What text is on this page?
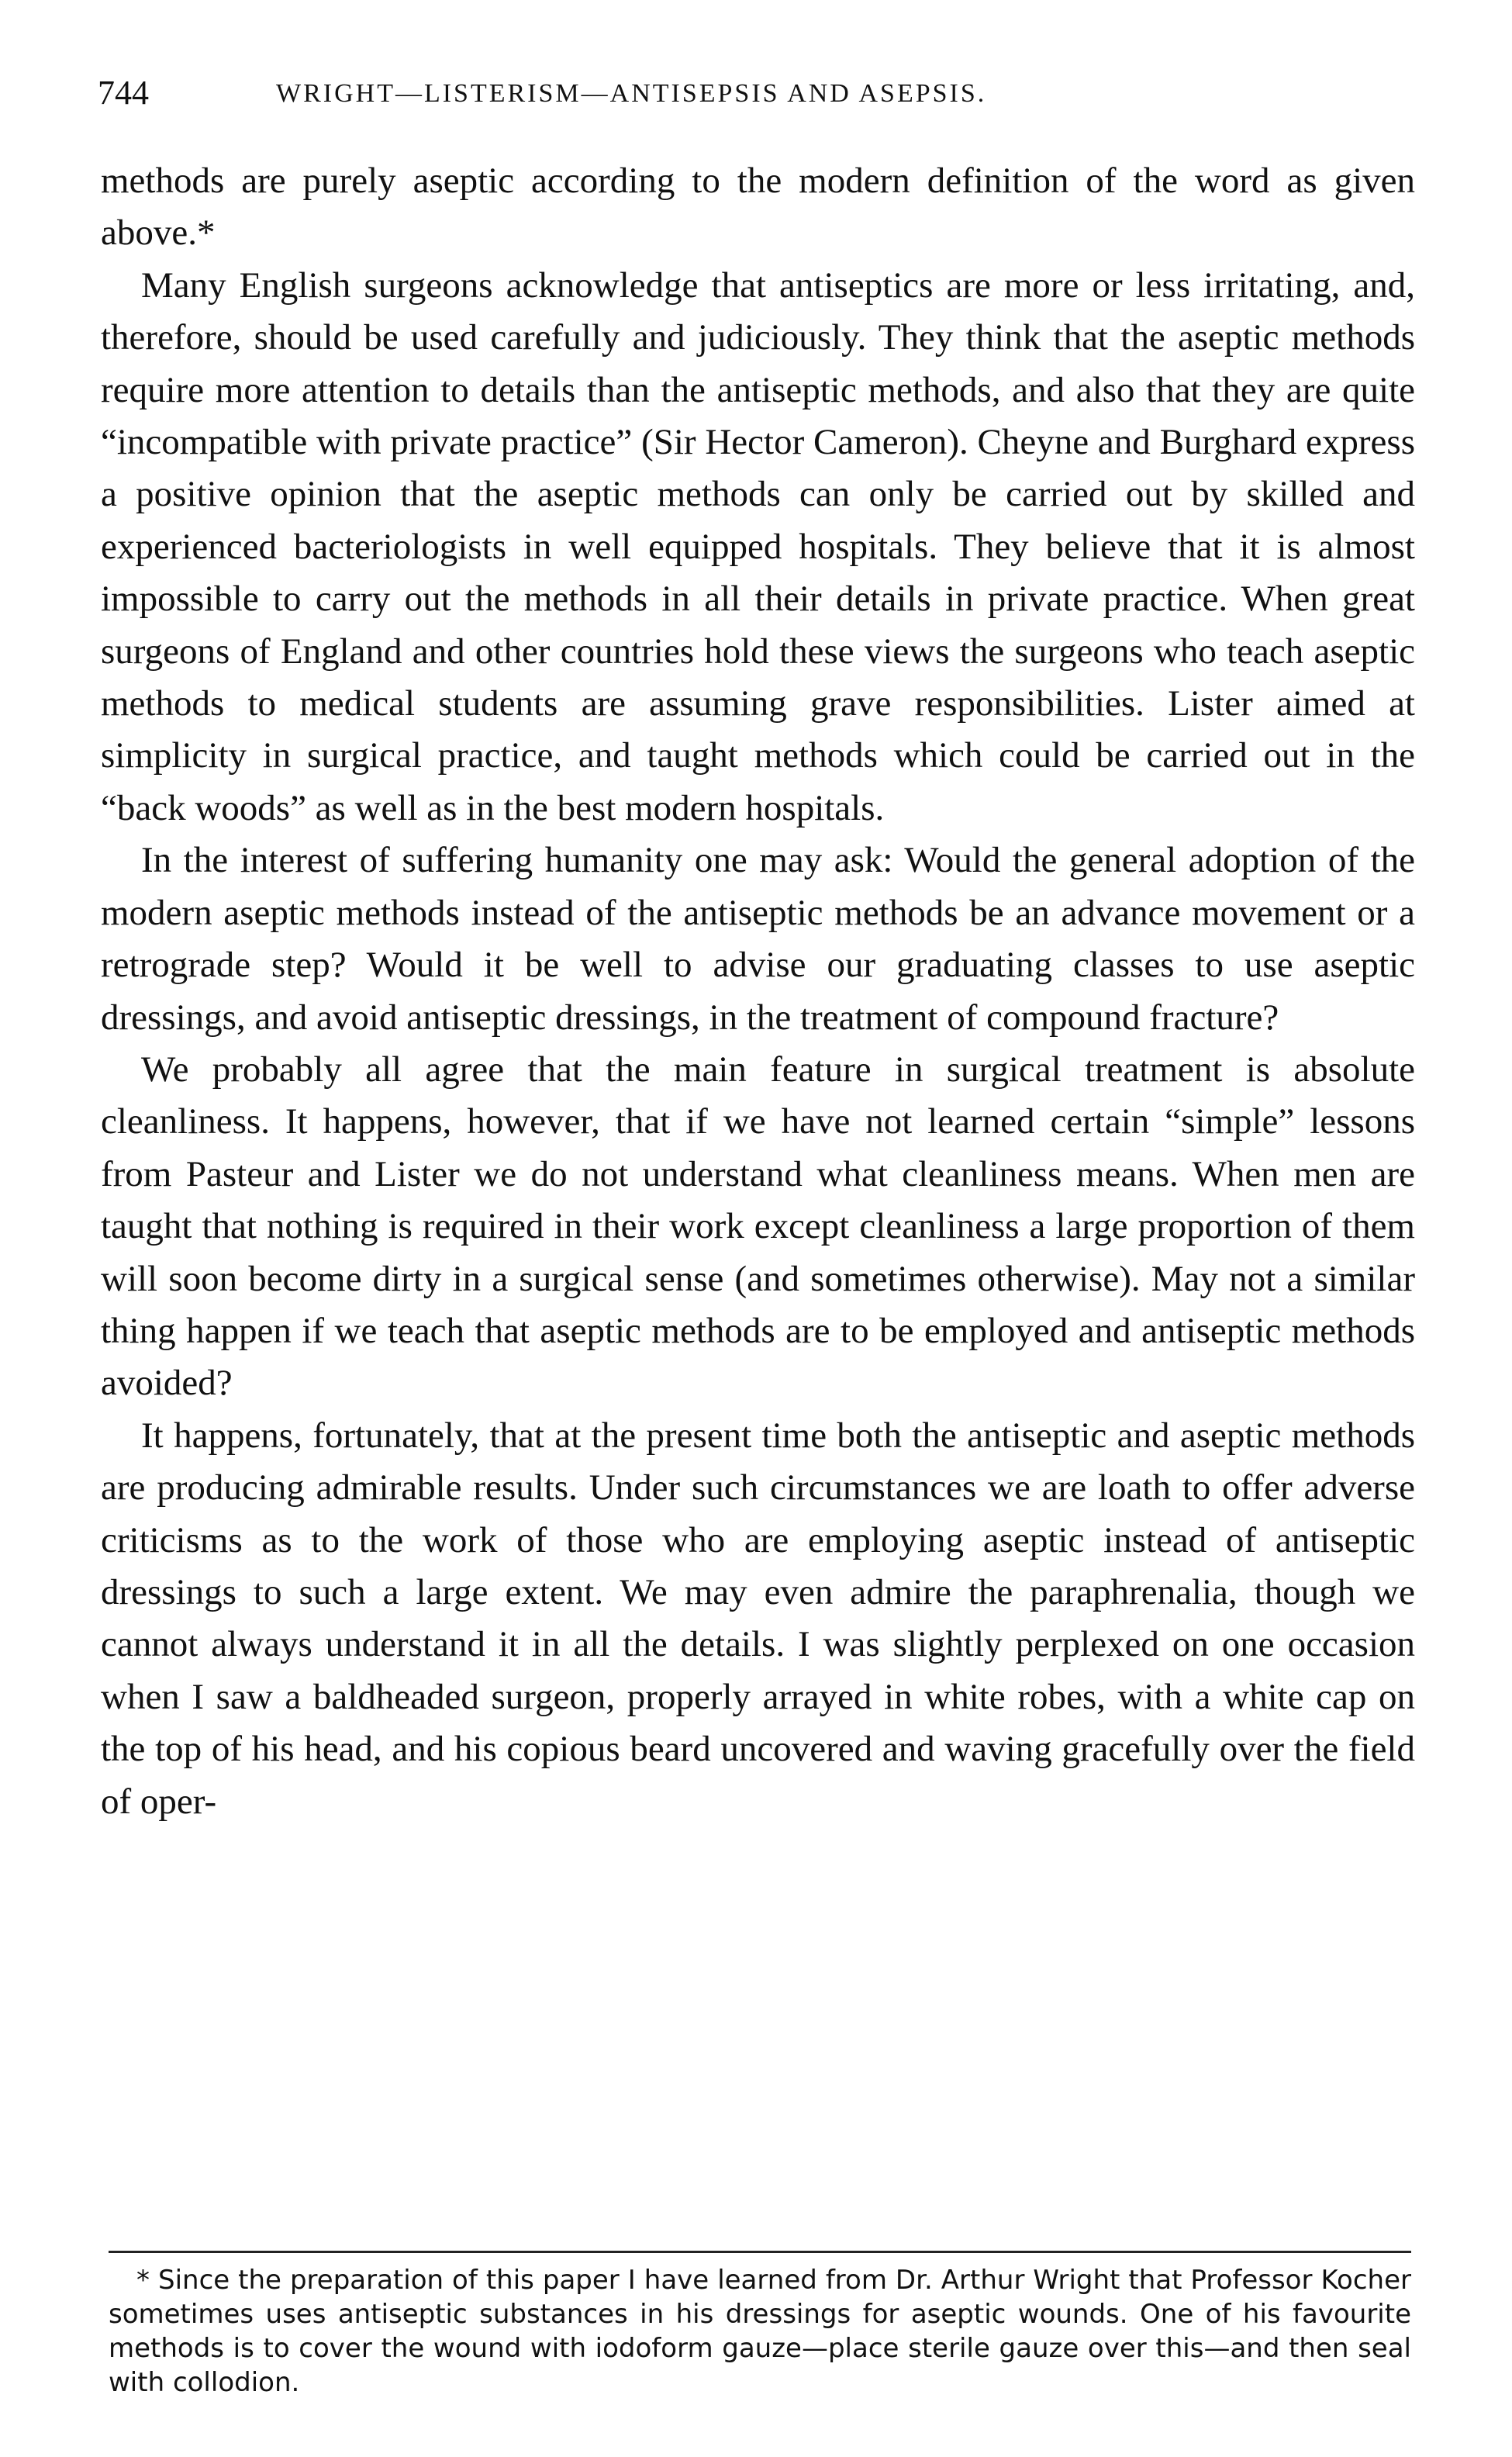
744	WRIGHT—LISTERISM—ANTISEPSIS AND ASEPSIS.

methods are purely aseptic according to the modern definition of the word as given above.*

Many English surgeons acknowledge that antiseptics are more or less irritating, and, therefore, should be used carefully and judiciously. They think that the aseptic methods require more attention to details than the antiseptic methods, and also that they are quite “incompatible with private practice” (Sir Hector Cameron). Cheyne and Burghard express a positive opinion that the aseptic methods can only be carried out by skilled and experienced bacteriologists in well equipped hospitals. They believe that it is almost impossible to carry out the methods in all their details in private practice. When great surgeons of England and other countries hold these views the surgeons who teach aseptic methods to medical students are assuming grave responsibilities. Lister aimed at simplicity in surgical practice, and taught methods which could be carried out in the “back woods” as well as in the best modern hospitals.

In the interest of suffering humanity one may ask: Would the general adoption of the modern aseptic methods instead of the antiseptic methods be an advance movement or a retrograde step? Would it be well to advise our graduating classes to use aseptic dressings, and avoid antiseptic dressings, in the treatment of compound fracture?

We probably all agree that the main feature in surgical treatment is absolute cleanliness. It happens, however, that if we have not learned certain “simple” lessons from Pasteur and Lister we do not understand what cleanliness means. When men are taught that nothing is required in their work except cleanliness a large proportion of them will soon become dirty in a surgical sense (and sometimes otherwise). May not a similar thing happen if we teach that aseptic methods are to be employed and antiseptic methods avoided?

It happens, fortunately, that at the present time both the antiseptic and aseptic methods are producing admirable results. Under such circumstances we are loath to offer adverse criticisms as to the work of those who are employing aseptic instead of antiseptic dressings to such a large extent. We may even admire the paraphrenalia, though we cannot always understand it in all the details. I was slightly perplexed on one occasion when I saw a baldheaded surgeon, properly arrayed in white robes, with a white cap on the top of his head, and his copious beard uncovered and waving gracefully over the field of oper-

* Since the preparation of this paper I have learned from Dr. Arthur Wright that Professor Kocher sometimes uses antiseptic substances in his dressings for aseptic wounds. One of his favourite methods is to cover the wound with iodoform gauze—place sterile gauze over this—and then seal with collodion.
